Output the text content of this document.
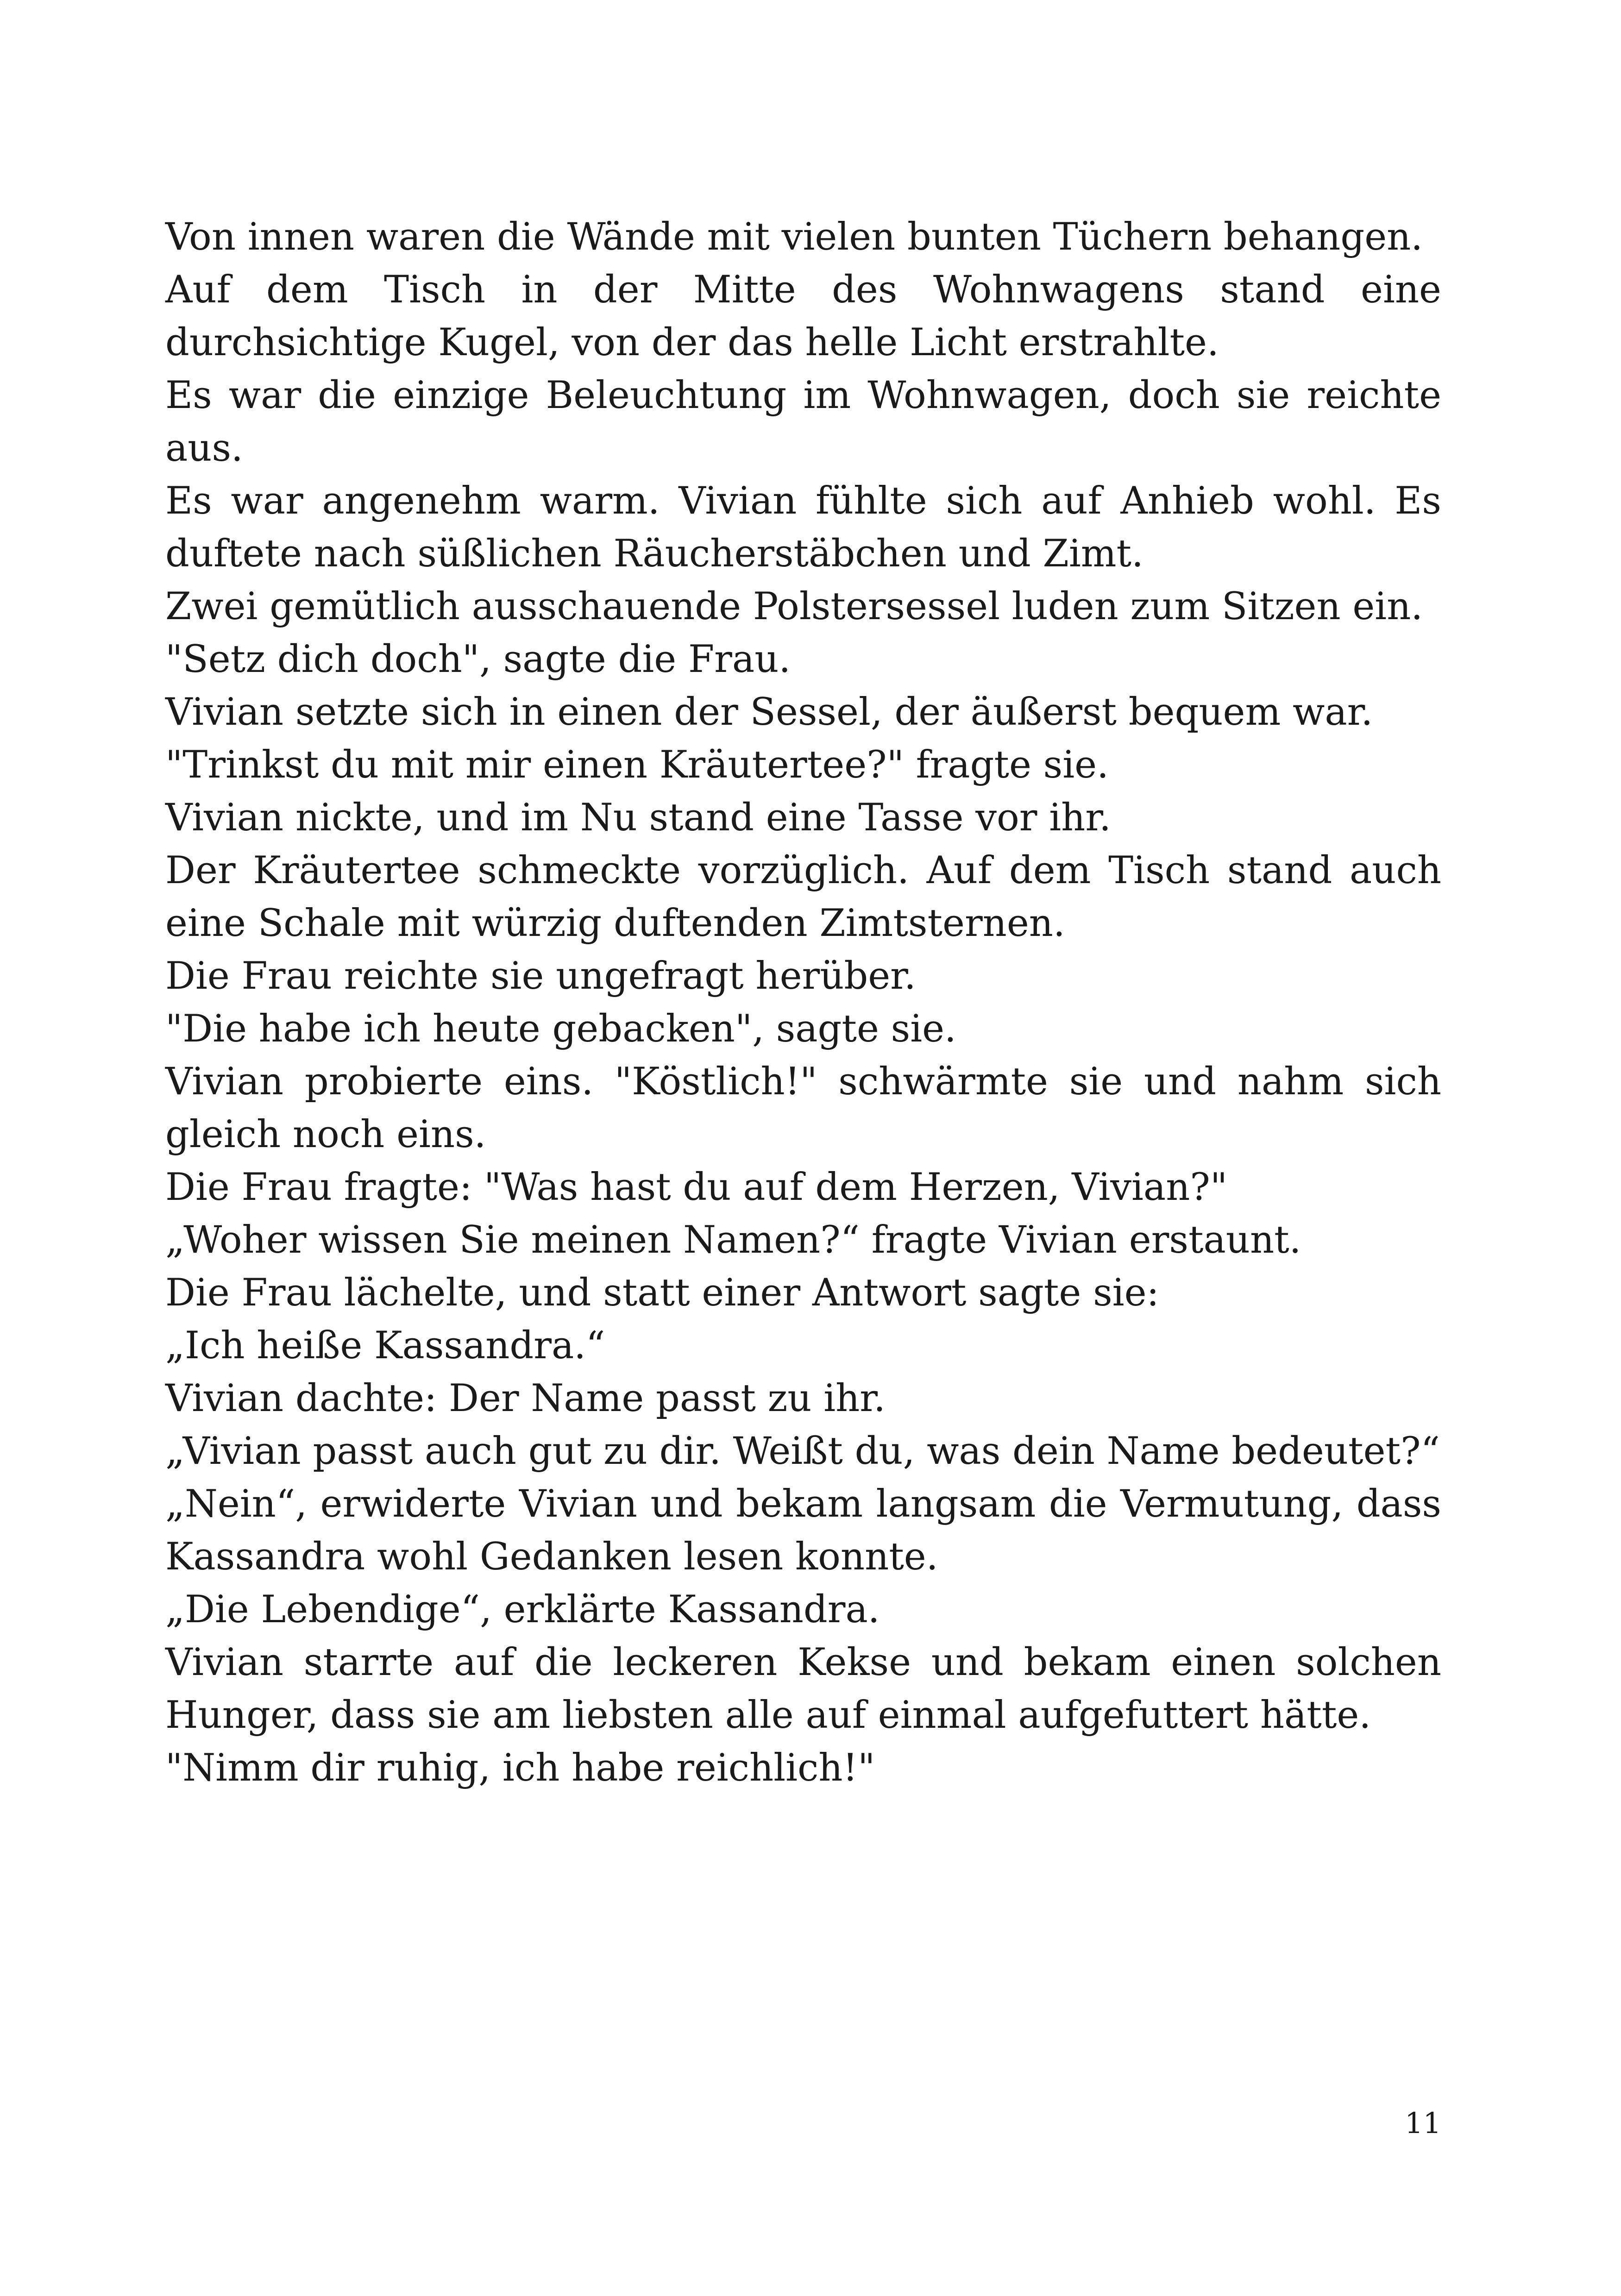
Von innen waren die Wände mit vielen bunten Tüchern behangen.

Auf dem Tisch in der Mitte des Wohnwagens stand eine durchsichtige Kugel, von der das helle Licht erstrahlte.

Es war die einzige Beleuchtung im Wohnwagen, doch sie reichte aus.

Es war angenehm warm. Vivian fühlte sich auf Anhieb wohl. Es duftete nach süßlichen Räucherstäbchen und Zimt.

Zwei gemütlich ausschauende Polstersessel luden zum Sitzen ein.

"Setz dich doch", sagte die Frau.

Vivian setzte sich in einen der Sessel, der äußerst bequem war.

"Trinkst du mit mir einen Kräutertee?" fragte sie.

Vivian nickte, und im Nu stand eine Tasse vor ihr.

Der Kräutertee schmeckte vorzüglich. Auf dem Tisch stand auch eine Schale mit würzig duftenden Zimtsternen.

Die Frau reichte sie ungefragt herüber.

"Die habe ich heute gebacken", sagte sie.

Vivian probierte eins. "Köstlich!" schwärmte sie und nahm sich gleich noch eins.

Die Frau fragte: "Was hast du auf dem Herzen, Vivian?"

„Woher wissen Sie meinen Namen?“ fragte Vivian erstaunt.

Die Frau lächelte, und statt einer Antwort sagte sie:

„Ich heiße Kassandra.“

Vivian dachte: Der Name passt zu ihr.

„Vivian passt auch gut zu dir. Weißt du, was dein Name bedeutet?“

„Nein“, erwiderte Vivian und bekam langsam die Vermutung, dass Kassandra wohl Gedanken lesen konnte.

„Die Lebendige“, erklärte Kassandra.

Vivian starrte auf die leckeren Kekse und bekam einen solchen Hunger, dass sie am liebsten alle auf einmal aufgefuttert hätte.

"Nimm dir ruhig, ich habe reichlich!"

11
